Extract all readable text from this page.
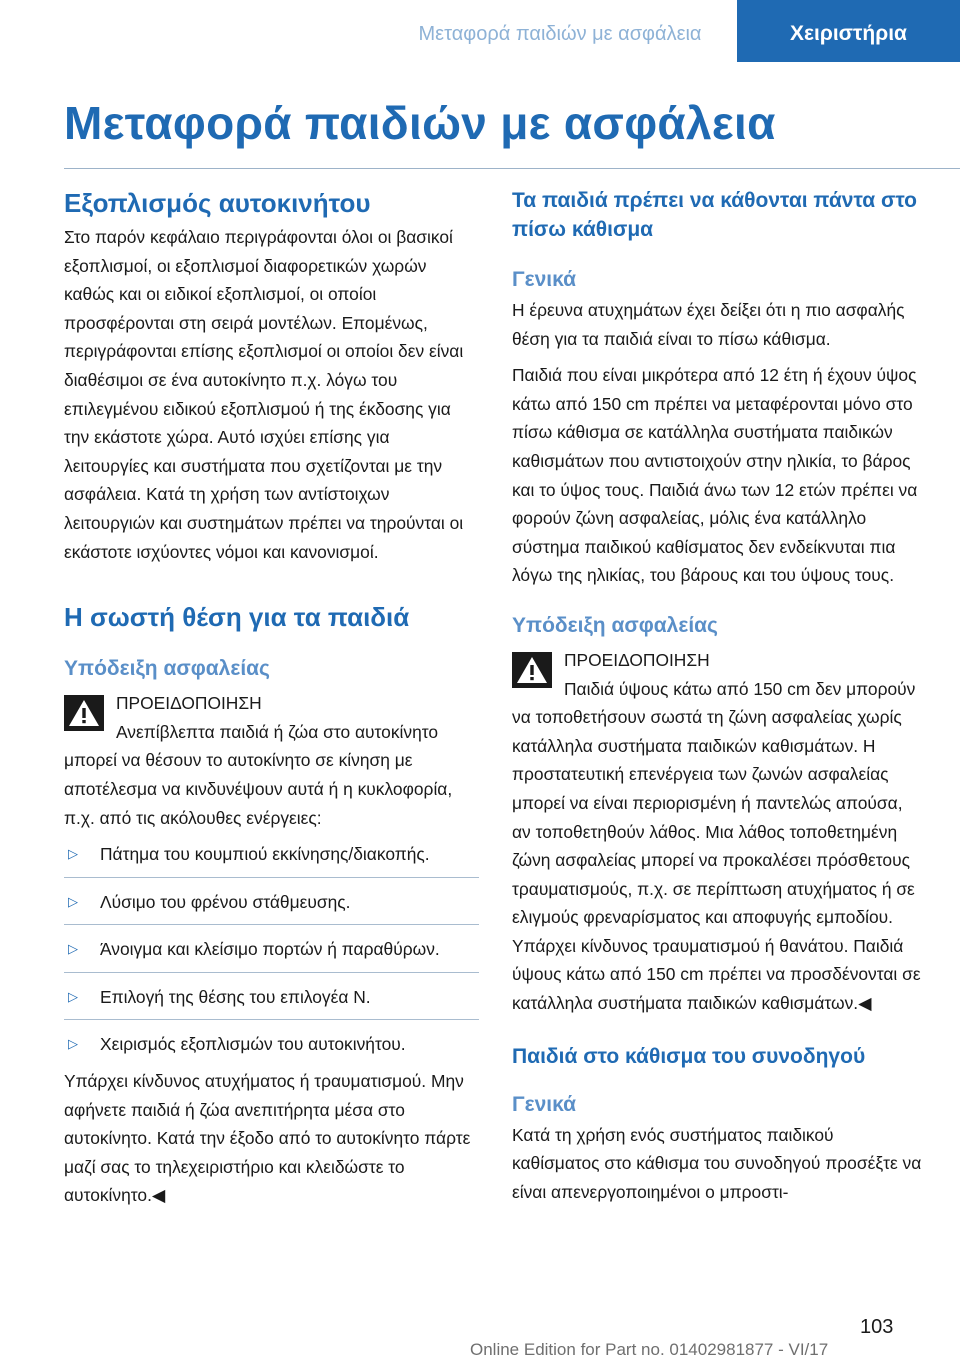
Μεταφορά παιδιών με ασφάλεια	Χειριστήρια
Μεταφορά παιδιών με ασφάλεια
Εξοπλισμός αυτοκινήτου

Στο παρόν κεφάλαιο περιγράφονται όλοι οι βασικοί εξοπλισμοί, οι εξοπλισμοί διαφορετικών χωρών καθώς και οι ειδικοί εξοπλισμοί, οι οποίοι προσφέρονται στη σειρά μοντέλων. Επομένως, περιγράφονται επίσης εξοπλισμοί οι οποίοι δεν είναι διαθέσιμοι σε ένα αυτοκίνητο π.χ. λόγω του επιλεγμένου ειδικού εξοπλισμού ή της έκδοσης για την εκάστοτε χώρα. Αυτό ισχύει επίσης για λειτουργίες και συστήματα που σχετίζονται με την ασφάλεια. Κατά τη χρήση των αντίστοιχων λειτουργιών και συστημάτων πρέπει να τηρούνται οι εκάστοτε ισχύοντες νόμοι και κανονισμοί.

Η σωστή θέση για τα παιδιά
Υπόδειξη ασφαλείας
ΠΡΟΕΙΔΟΠΟΙΗΣΗ

Ανεπίβλεπτα παιδιά ή ζώα στο αυτοκίνητο μπορεί να θέσουν το αυτοκίνητο σε κίνηση με αποτέλεσμα να κινδυνέψουν αυτά ή η κυκλοφορία, π.χ. από τις ακόλουθες ενέργειες:

▷ Πάτημα του κουμπιού εκκίνησης/διακοπής.
▷ Λύσιμο του φρένου στάθμευσης.
▷ Άνοιγμα και κλείσιμο πορτών ή παραθύρων.
▷ Επιλογή της θέσης του επιλογέα N.
▷ Χειρισμός εξοπλισμών του αυτοκινήτου.

Υπάρχει κίνδυνος ατυχήματος ή τραυματισμού. Μην αφήνετε παιδιά ή ζώα ανεπιτήρητα μέσα στο αυτοκίνητο. Κατά την έξοδο από το αυτοκίνητο πάρτε μαζί σας το τηλεχειριστήριο και κλειδώστε το αυτοκίνητο.◀

Τα παιδιά πρέπει να κάθονται πάντα στο πίσω κάθισμα
Γενικά

Η έρευνα ατυχημάτων έχει δείξει ότι η πιο ασφαλής θέση για τα παιδιά είναι το πίσω κάθισμα.

Παιδιά που είναι μικρότερα από 12 έτη ή έχουν ύψος κάτω από 150 cm πρέπει να μεταφέρονται μόνο στο πίσω κάθισμα σε κατάλληλα συστήματα παιδικών καθισμάτων που αντιστοιχούν στην ηλικία, το βάρος και το ύψος τους. Παιδιά άνω των 12 ετών πρέπει να φορούν ζώνη ασφαλείας, μόλις ένα κατάλληλο σύστημα παιδικού καθίσματος δεν ενδείκνυται πια λόγω της ηλικίας, του βάρους και του ύψους τους.

Υπόδειξη ασφαλείας
ΠΡΟΕΙΔΟΠΟΙΗΣΗ

Παιδιά ύψους κάτω από 150 cm δεν μπορούν να τοποθετήσουν σωστά τη ζώνη ασφαλείας χωρίς κατάλληλα συστήματα παιδικών καθισμάτων. Η προστατευτική επενέργεια των ζωνών ασφαλείας μπορεί να είναι περιορισμένη ή παντελώς απούσα, αν τοποθετηθούν λάθος. Μια λάθος τοποθετημένη ζώνη ασφαλείας μπορεί να προκαλέσει πρόσθετους τραυματισμούς, π.χ. σε περίπτωση ατυχήματος ή σε ελιγμούς φρεναρίσματος και αποφυγής εμποδίου. Υπάρχει κίνδυνος τραυματισμού ή θανάτου. Παιδιά ύψους κάτω από 150 cm πρέπει να προσδένονται σε κατάλληλα συστήματα παιδικών καθισμάτων.◀

Παιδιά στο κάθισμα του συνοδηγού
Γενικά

Κατά τη χρήση ενός συστήματος παιδικού καθίσματος στο κάθισμα του συνοδηγού προσέξτε να είναι απενεργοποιημένοι ο μπροστι-

103
Online Edition for Part no. 01402981877 - VI/17
